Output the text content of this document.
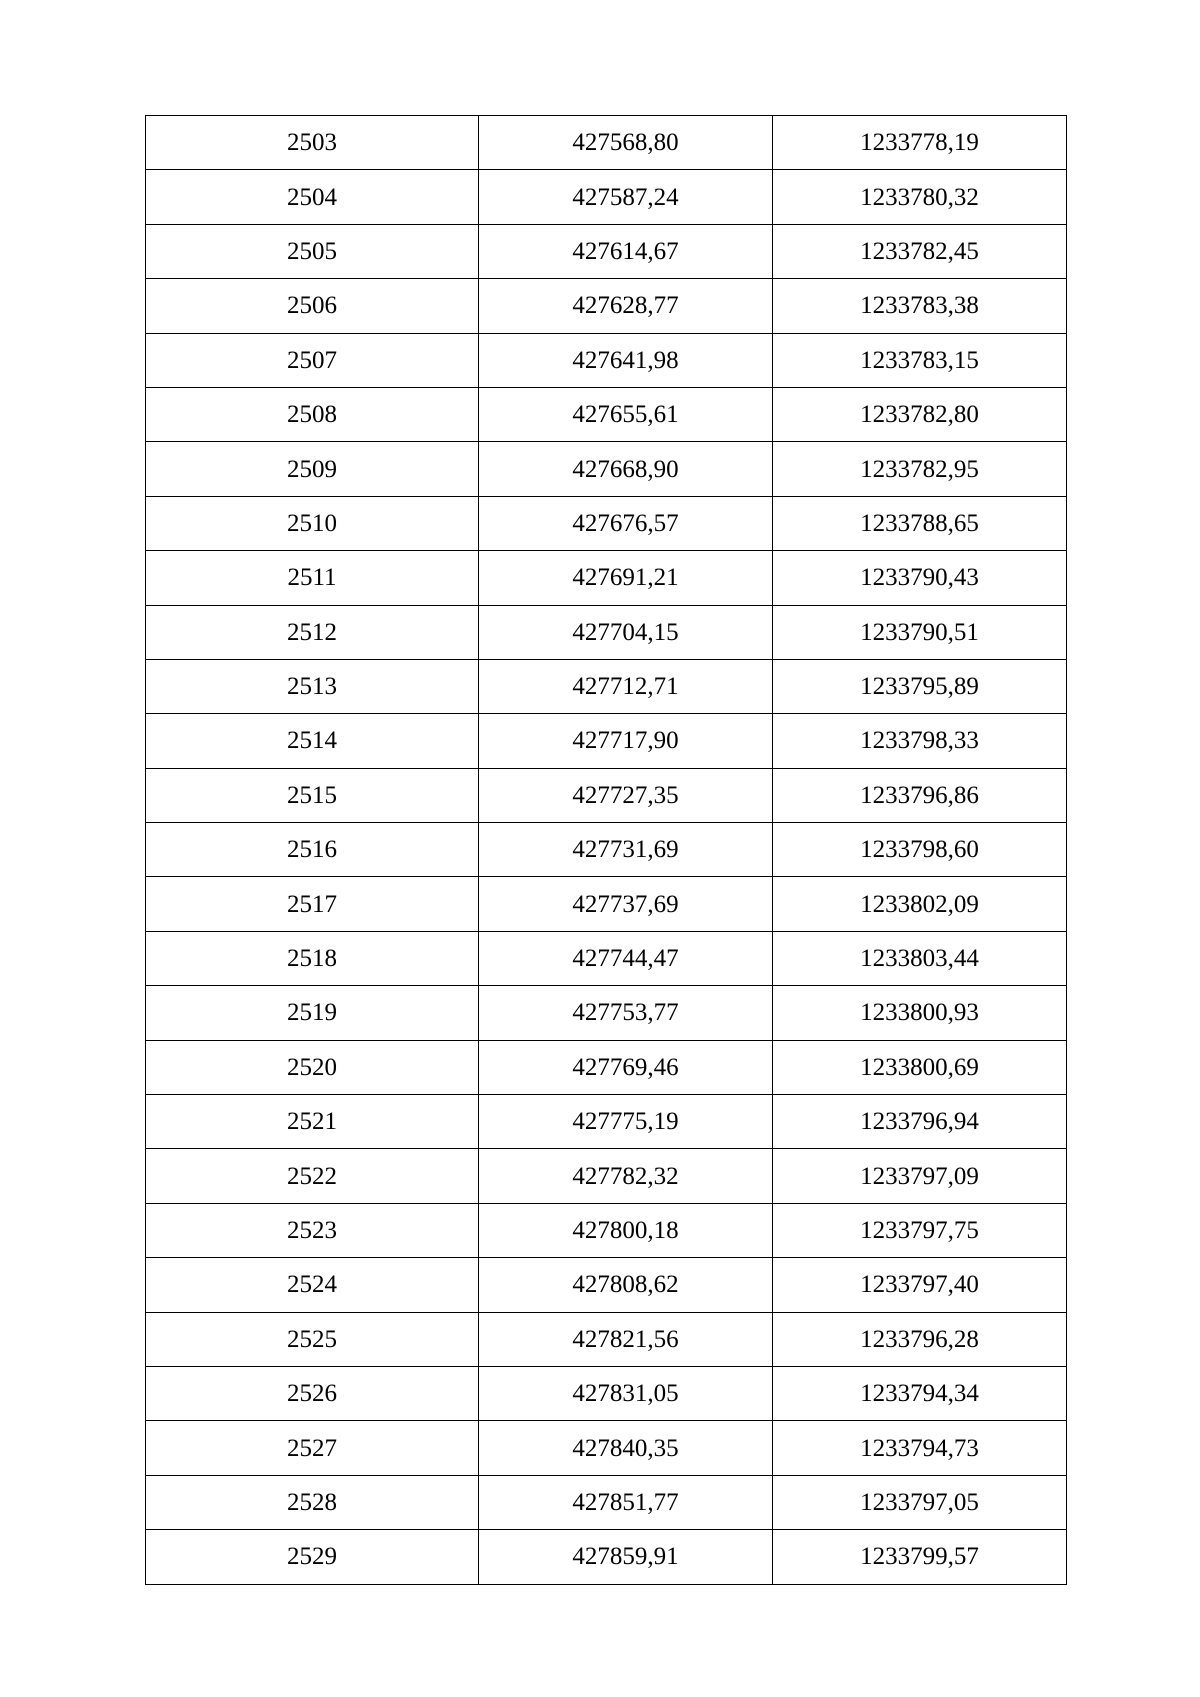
2503	427568,80	1233778,19
2504	427587,24	1233780,32
2505	427614,67	1233782,45
2506	427628,77	1233783,38
2507	427641,98	1233783,15
2508	427655,61	1233782,80
2509	427668,90	1233782,95
2510	427676,57	1233788,65
2511	427691,21	1233790,43
2512	427704,15	1233790,51
2513	427712,71	1233795,89
2514	427717,90	1233798,33
2515	427727,35	1233796,86
2516	427731,69	1233798,60
2517	427737,69	1233802,09
2518	427744,47	1233803,44
2519	427753,77	1233800,93
2520	427769,46	1233800,69
2521	427775,19	1233796,94
2522	427782,32	1233797,09
2523	427800,18	1233797,75
2524	427808,62	1233797,40
2525	427821,56	1233796,28
2526	427831,05	1233794,34
2527	427840,35	1233794,73
2528	427851,77	1233797,05
2529	427859,91	1233799,57
